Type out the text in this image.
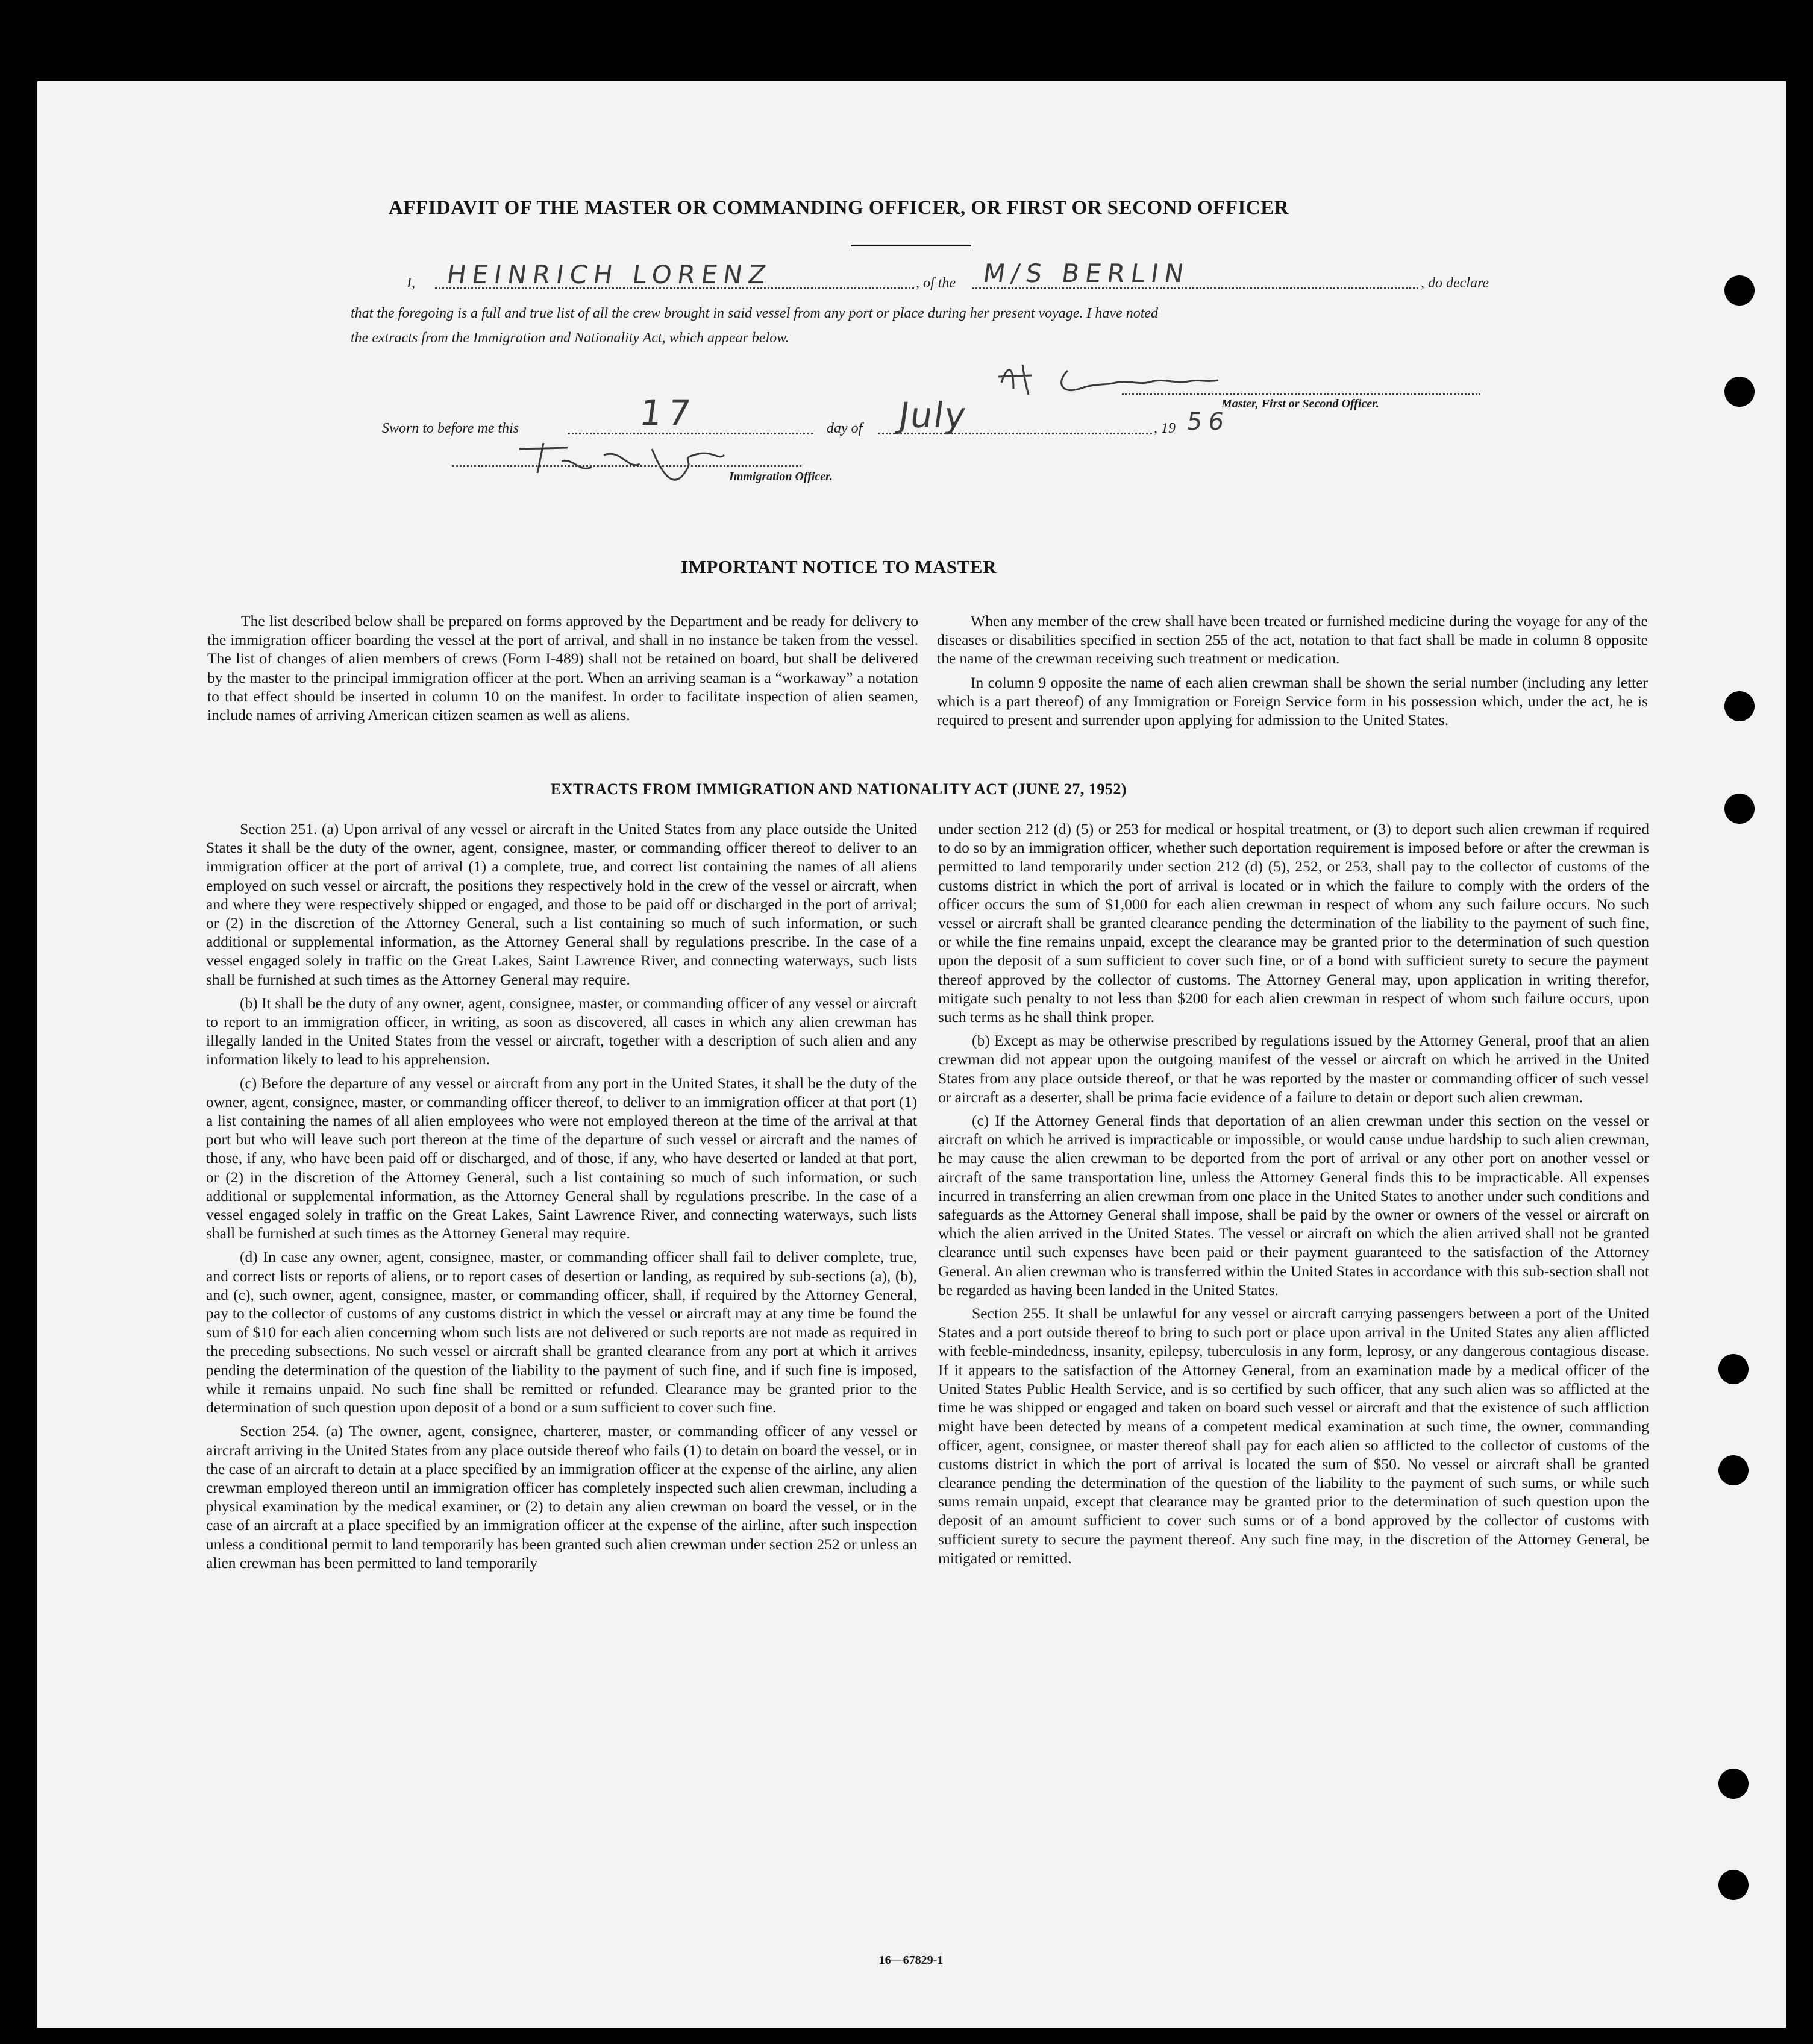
AFFIDAVIT OF THE MASTER OR COMMANDING OFFICER, OR FIRST OR SECOND OFFICER
I, HEINRICH LORENZ	, of the M/S BERLIN	, do declare
that the foregoing is a full and true list of all the crew brought in said vessel from any port or place during her present voyage. I have noted
the extracts from the Immigration and Nationality Act, which appear below.
Master, First or Second Officer.
Sworn to before me this	17	day of July	, 19 56
Immigration Officer.
IMPORTANT NOTICE TO MASTER

The list described below shall be prepared on forms approved by the Department and be ready for delivery to the immigration officer boarding the vessel at the port of arrival, and shall in no instance be taken from the vessel. The list of changes of alien members of crews (Form I-489) shall not be retained on board, but shall be delivered by the master to the principal immigration officer at the port. When an arriving seaman is a “workaway” a notation to that effect should be inserted in column 10 on the manifest. In order to facilitate inspection of alien seamen, include names of arriving American citizen seamen as well as aliens.

When any member of the crew shall have been treated or furnished medicine during the voyage for any of the diseases or disabilities specified in section 255 of the act, notation to that fact shall be made in column 8 opposite the name of the crewman receiving such treatment or medication.

In column 9 opposite the name of each alien crewman shall be shown the serial number (including any letter which is a part thereof) of any Immigration or Foreign Service form in his possession which, under the act, he is required to present and surrender upon applying for admission to the United States.

EXTRACTS FROM IMMIGRATION AND NATIONALITY ACT (JUNE 27, 1952)

Section 251. (a) Upon arrival of any vessel or aircraft in the United States from any place outside the United States it shall be the duty of the owner, agent, consignee, master, or commanding officer thereof to deliver to an immigration officer at the port of arrival (1) a complete, true, and correct list containing the names of all aliens employed on such vessel or aircraft, the positions they respectively hold in the crew of the vessel or aircraft, when and where they were respectively shipped or engaged, and those to be paid off or discharged in the port of arrival; or (2) in the discretion of the Attorney General, such a list containing so much of such information, or such additional or supplemental information, as the Attorney General shall by regulations prescribe. In the case of a vessel engaged solely in traffic on the Great Lakes, Saint Lawrence River, and connecting waterways, such lists shall be furnished at such times as the Attorney General may require.

(b) It shall be the duty of any owner, agent, consignee, master, or commanding officer of any vessel or aircraft to report to an immigration officer, in writing, as soon as discovered, all cases in which any alien crewman has illegally landed in the United States from the vessel or aircraft, together with a description of such alien and any information likely to lead to his apprehension.

(c) Before the departure of any vessel or aircraft from any port in the United States, it shall be the duty of the owner, agent, consignee, master, or commanding officer thereof, to deliver to an immigration officer at that port (1) a list containing the names of all alien employees who were not employed thereon at the time of the arrival at that port but who will leave such port thereon at the time of the departure of such vessel or aircraft and the names of those, if any, who have been paid off or discharged, and of those, if any, who have deserted or landed at that port, or (2) in the discretion of the Attorney General, such a list containing so much of such information, or such additional or supplemental information, as the Attorney General shall by regulations prescribe. In the case of a vessel engaged solely in traffic on the Great Lakes, Saint Lawrence River, and connecting waterways, such lists shall be furnished at such times as the Attorney General may require.

(d) In case any owner, agent, consignee, master, or commanding officer shall fail to deliver complete, true, and correct lists or reports of aliens, or to report cases of desertion or landing, as required by sub-sections (a), (b), and (c), such owner, agent, consignee, master, or commanding officer, shall, if required by the Attorney General, pay to the collector of customs of any customs district in which the vessel or aircraft may at any time be found the sum of $10 for each alien concerning whom such lists are not delivered or such reports are not made as required in the preceding subsections. No such vessel or aircraft shall be granted clearance from any port at which it arrives pending the determination of the question of the liability to the payment of such fine, and if such fine is imposed, while it remains unpaid. No such fine shall be remitted or refunded. Clearance may be granted prior to the determination of such question upon deposit of a bond or a sum sufficient to cover such fine.

Section 254. (a) The owner, agent, consignee, charterer, master, or commanding officer of any vessel or aircraft arriving in the United States from any place outside thereof who fails (1) to detain on board the vessel, or in the case of an aircraft to detain at a place specified by an immigration officer at the expense of the airline, any alien crewman employed thereon until an immigration officer has completely inspected such alien crewman, including a physical examination by the medical examiner, or (2) to detain any alien crewman on board the vessel, or in the case of an aircraft at a place specified by an immigration officer at the expense of the airline, after such inspection unless a conditional permit to land temporarily has been granted such alien crewman under section 252 or unless an alien crewman has been permitted to land temporarily

under section 212 (d) (5) or 253 for medical or hospital treatment, or (3) to deport such alien crewman if required to do so by an immigration officer, whether such deportation requirement is imposed before or after the crewman is permitted to land temporarily under section 212 (d) (5), 252, or 253, shall pay to the collector of customs of the customs district in which the port of arrival is located or in which the failure to comply with the orders of the officer occurs the sum of $1,000 for each alien crewman in respect of whom any such failure occurs. No such vessel or aircraft shall be granted clearance pending the determination of the liability to the payment of such fine, or while the fine remains unpaid, except the clearance may be granted prior to the determination of such question upon the deposit of a sum sufficient to cover such fine, or of a bond with sufficient surety to secure the payment thereof approved by the collector of customs. The Attorney General may, upon application in writing therefor, mitigate such penalty to not less than $200 for each alien crewman in respect of whom such failure occurs, upon such terms as he shall think proper.

(b) Except as may be otherwise prescribed by regulations issued by the Attorney General, proof that an alien crewman did not appear upon the outgoing manifest of the vessel or aircraft on which he arrived in the United States from any place outside thereof, or that he was reported by the master or commanding officer of such vessel or aircraft as a deserter, shall be prima facie evidence of a failure to detain or deport such alien crewman.

(c) If the Attorney General finds that deportation of an alien crewman under this section on the vessel or aircraft on which he arrived is impracticable or impossible, or would cause undue hardship to such alien crewman, he may cause the alien crewman to be deported from the port of arrival or any other port on another vessel or aircraft of the same transportation line, unless the Attorney General finds this to be impracticable. All expenses incurred in transferring an alien crewman from one place in the United States to another under such conditions and safeguards as the Attorney General shall impose, shall be paid by the owner or owners of the vessel or aircraft on which the alien arrived in the United States. The vessel or aircraft on which the alien arrived shall not be granted clearance until such expenses have been paid or their payment guaranteed to the satisfaction of the Attorney General. An alien crewman who is transferred within the United States in accordance with this sub-section shall not be regarded as having been landed in the United States.

Section 255. It shall be unlawful for any vessel or aircraft carrying passengers between a port of the United States and a port outside thereof to bring to such port or place upon arrival in the United States any alien afflicted with feeble-mindedness, insanity, epilepsy, tuberculosis in any form, leprosy, or any dangerous contagious disease. If it appears to the satisfaction of the Attorney General, from an examination made by a medical officer of the United States Public Health Service, and is so certified by such officer, that any such alien was so afflicted at the time he was shipped or engaged and taken on board such vessel or aircraft and that the existence of such affliction might have been detected by means of a competent medical examination at such time, the owner, commanding officer, agent, consignee, or master thereof shall pay for each alien so afflicted to the collector of customs of the customs district in which the port of arrival is located the sum of $50. No vessel or aircraft shall be granted clearance pending the determination of the question of the liability to the payment of such sums, or while such sums remain unpaid, except that clearance may be granted prior to the determination of such question upon the deposit of an amount sufficient to cover such sums or of a bond approved by the collector of customs with sufficient surety to secure the payment thereof. Any such fine may, in the discretion of the Attorney General, be mitigated or remitted.

16—67829-1
